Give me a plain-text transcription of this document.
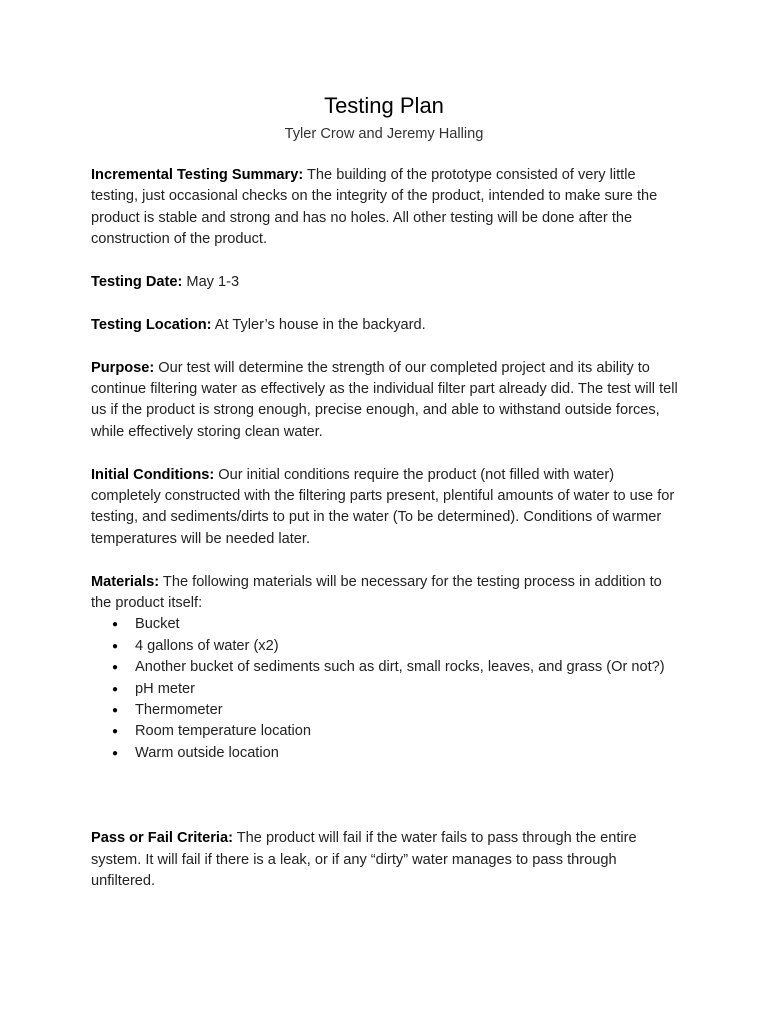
Testing Plan
Tyler Crow and Jeremy Halling

Incremental Testing Summary: The building of the prototype consisted of very little testing, just occasional checks on the integrity of the product, intended to make sure the product is stable and strong and has no holes. All other testing will be done after the construction of the product.

Testing Date: May 1-3

Testing Location: At Tyler’s house in the backyard.

Purpose: Our test will determine the strength of our completed project and its ability to continue filtering water as effectively as the individual filter part already did. The test will tell us if the product is strong enough, precise enough, and able to withstand outside forces, while effectively storing clean water.

Initial Conditions: Our initial conditions require the product (not filled with water) completely constructed with the filtering parts present, plentiful amounts of water to use for testing, and sediments/dirts to put in the water (To be determined). Conditions of warmer temperatures will be needed later.

Materials: The following materials will be necessary for the testing process in addition to the product itself:

● Bucket
● 4 gallons of water (x2)
● Another bucket of sediments such as dirt, small rocks, leaves, and grass (Or not?)
● pH meter
● Thermometer
● Room temperature location
● Warm outside location

Pass or Fail Criteria: The product will fail if the water fails to pass through the entire system. It will fail if there is a leak, or if any “dirty” water manages to pass through unfiltered.
